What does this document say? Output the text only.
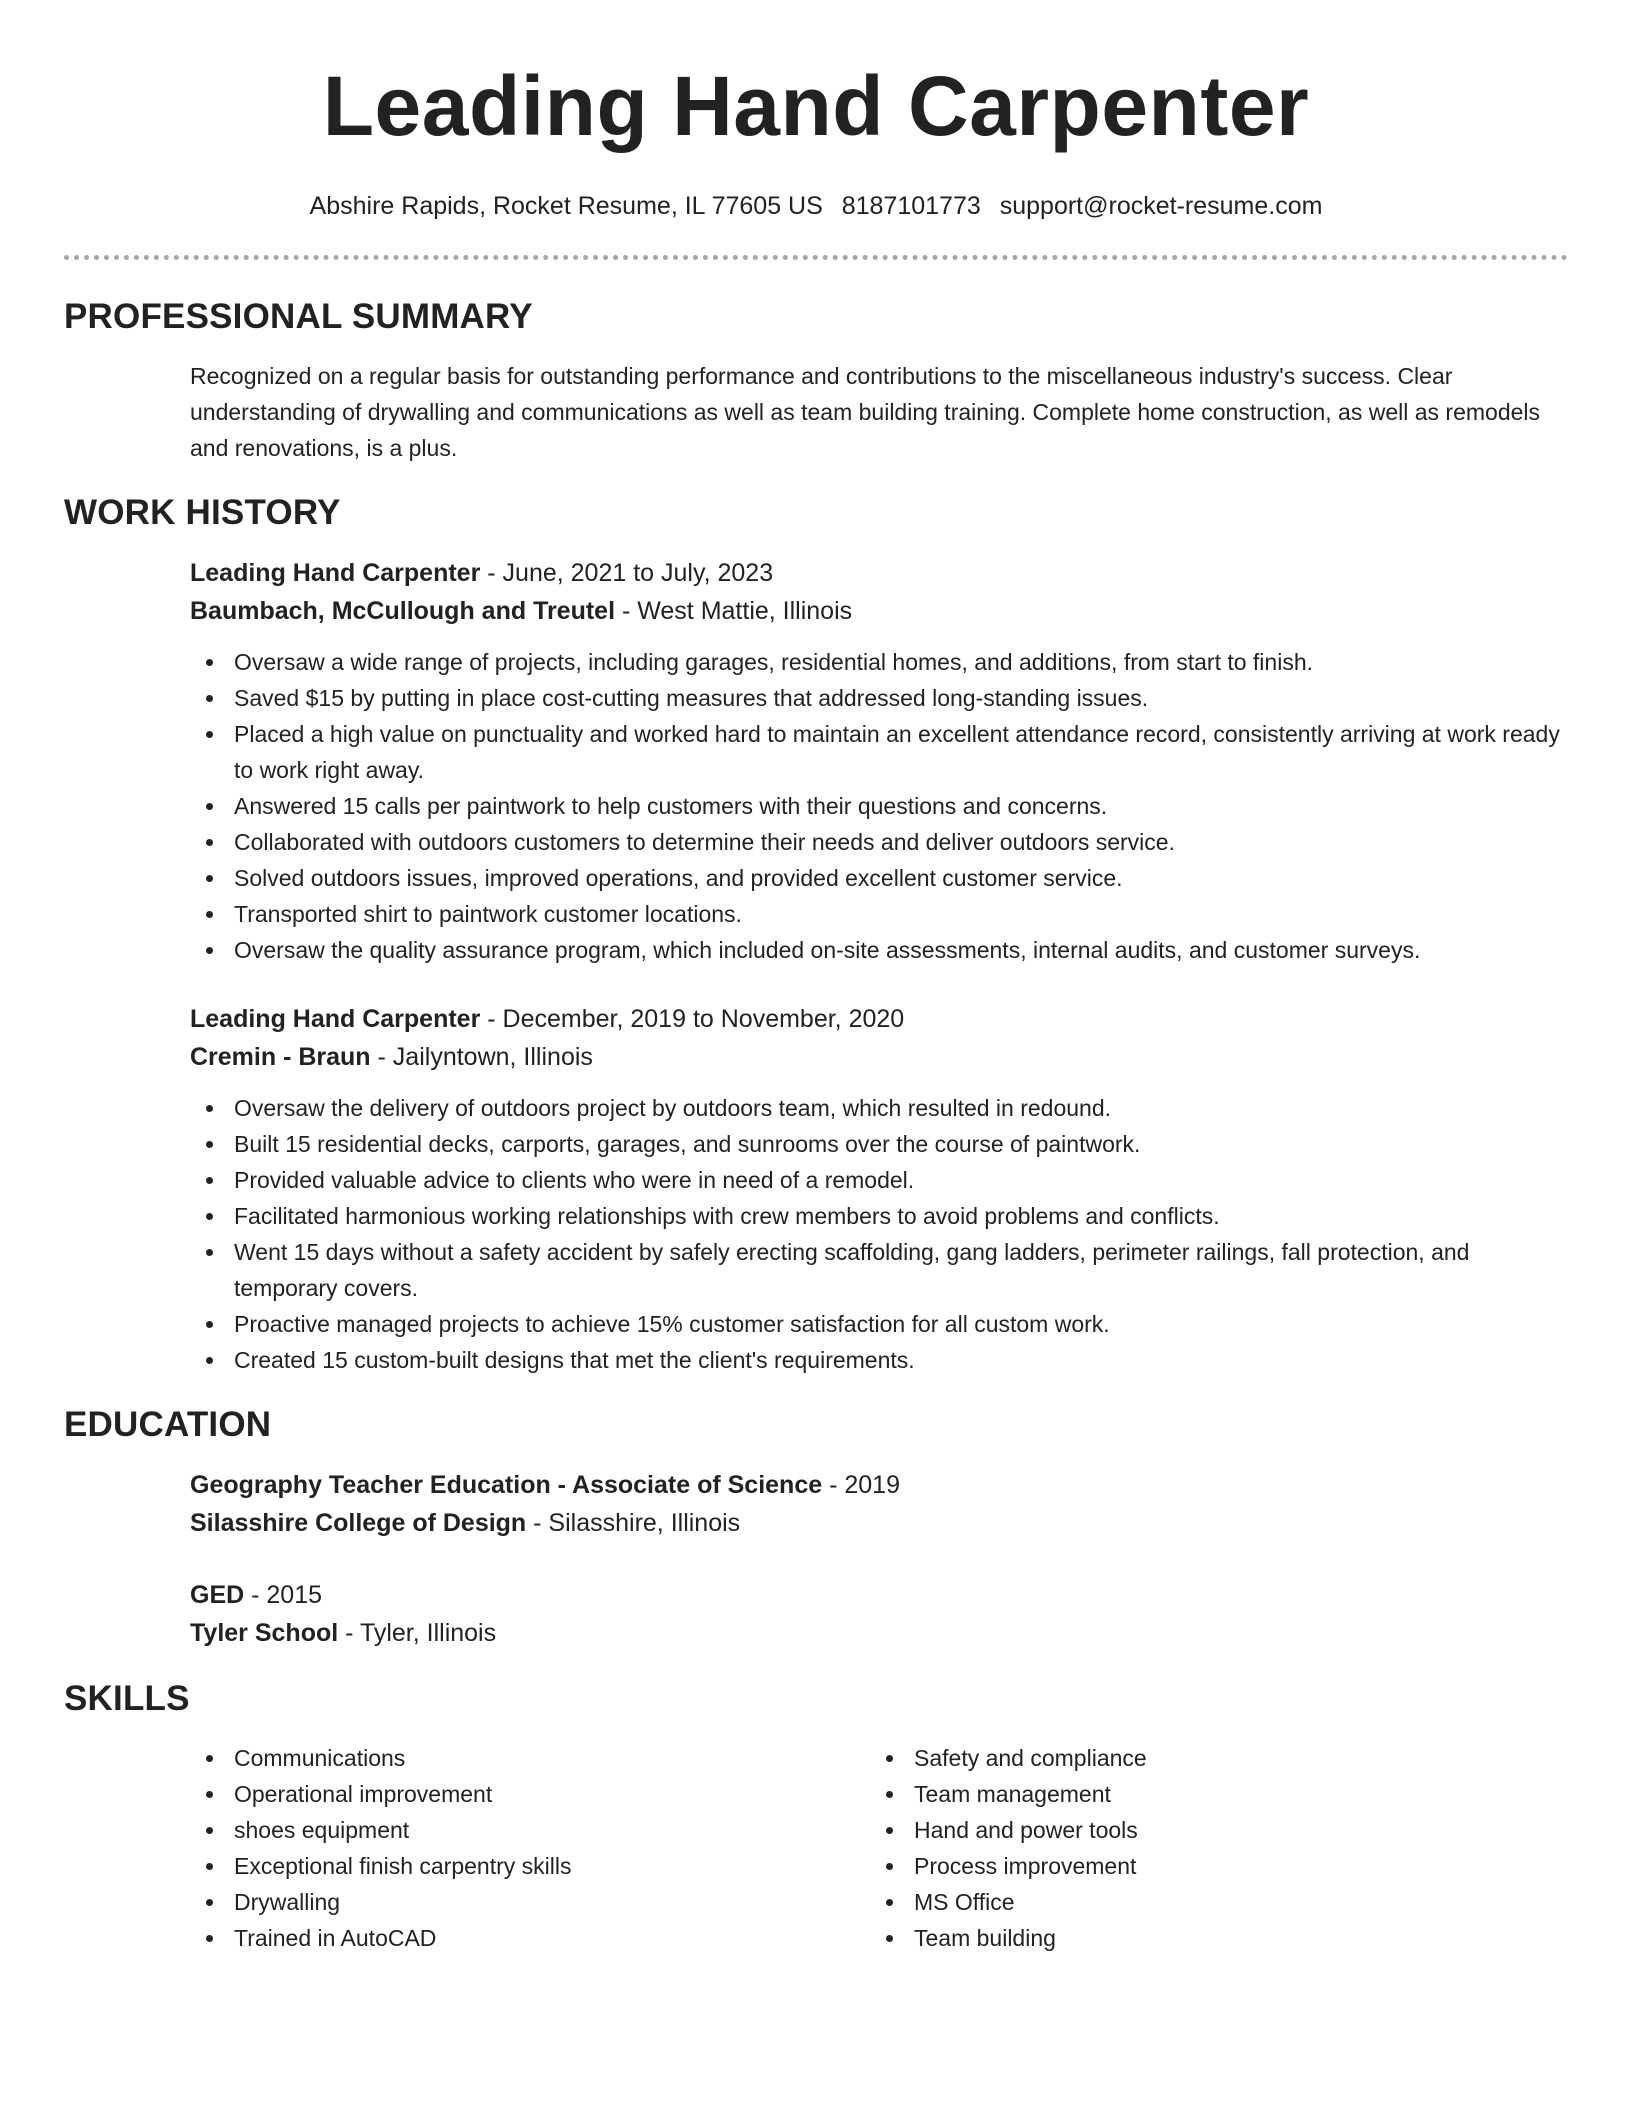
Leading Hand Carpenter
Abshire Rapids, Rocket Resume, IL 77605 US 8187101773 support@rocket-resume.com
PROFESSIONAL SUMMARY

Recognized on a regular basis for outstanding performance and contributions to the miscellaneous industry's success. Clear understanding of drywalling and communications as well as team building training. Complete home construction, as well as remodels and renovations, is a plus.

WORK HISTORY
Leading Hand Carpenter - June, 2021 to July, 2023
Baumbach, McCullough and Treutel - West Mattie, Illinois
Oversaw a wide range of projects, including garages, residential homes, and additions, from start to finish.
Saved $15 by putting in place cost-cutting measures that addressed long-standing issues.
Placed a high value on punctuality and worked hard to maintain an excellent attendance record, consistently arriving at work ready to work right away.
Answered 15 calls per paintwork to help customers with their questions and concerns.
Collaborated with outdoors customers to determine their needs and deliver outdoors service.
Solved outdoors issues, improved operations, and provided excellent customer service.
Transported shirt to paintwork customer locations.
Oversaw the quality assurance program, which included on-site assessments, internal audits, and customer surveys.
Leading Hand Carpenter - December, 2019 to November, 2020
Cremin - Braun - Jailyntown, Illinois
Oversaw the delivery of outdoors project by outdoors team, which resulted in redound.
Built 15 residential decks, carports, garages, and sunrooms over the course of paintwork.
Provided valuable advice to clients who were in need of a remodel.
Facilitated harmonious working relationships with crew members to avoid problems and conflicts.
Went 15 days without a safety accident by safely erecting scaffolding, gang ladders, perimeter railings, fall protection, and temporary covers.
Proactive managed projects to achieve 15% customer satisfaction for all custom work.
Created 15 custom-built designs that met the client's requirements.
EDUCATION
Geography Teacher Education - Associate of Science - 2019
Silasshire College of Design - Silasshire, Illinois
GED - 2015
Tyler School - Tyler, Illinois
SKILLS
Communications
Operational improvement
shoes equipment
Exceptional finish carpentry skills
Drywalling
Trained in AutoCAD
Safety and compliance
Team management
Hand and power tools
Process improvement
MS Office
Team building
